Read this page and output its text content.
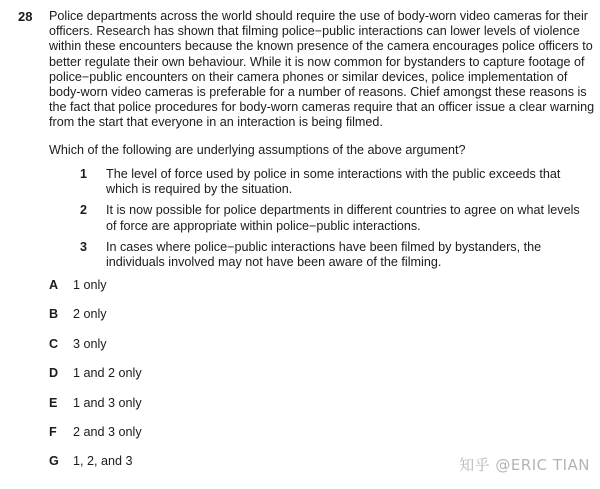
28 Police departments across the world should require the use of body-worn video cameras for their officers. Research has shown that filming police−public interactions can lower levels of violence within these encounters because the known presence of the camera encourages police officers to better regulate their own behaviour. While it is now common for bystanders to capture footage of police−public encounters on their camera phones or similar devices, police implementation of body-worn video cameras is preferable for a number of reasons. Chief amongst these reasons is the fact that police procedures for body-worn cameras require that an officer issue a clear warning from the start that everyone in an interaction is being filmed.

Which of the following are underlying assumptions of the above argument?

1	The level of force used by police in some interactions with the public exceeds that which is required by the situation.
2	It is now possible for police departments in different countries to agree on what levels of force are appropriate within police−public interactions.
3	In cases where police−public interactions have been filmed by bystanders, the individuals involved may not have been aware of the filming.
A	1 only
B	2 only
C	3 only
D	1 and 2 only
E	1 and 3 only
F	2 and 3 only
G	1, 2, and 3	知乎 @ERIC TIAN
